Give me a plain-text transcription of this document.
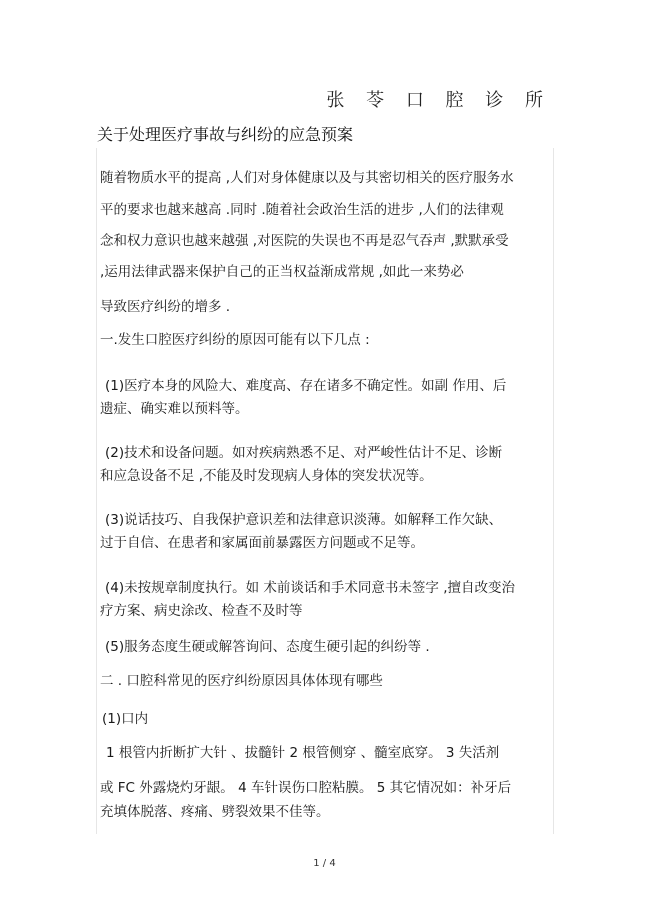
张 苓 口 腔 诊 所
关于处理医疗事故与纠纷的应急预案
随着物质水平的提高 ,人们对身体健康以及与其密切相关的医疗服务水
平的要求也越来越高 .同时 .随着社会政治生活的进步 ,人们的法律观
念和权力意识也越来越强 ,对医院的失误也不再是忍气吞声 ,默默承受
,运用法律武器来保护自己的正当权益渐成常规 ,如此一来势必
导致医疗纠纷的增多 .
一.发生口腔医疗纠纷的原因可能有以下几点 :
(1)医疗本身的风险大、难度高、存在诸多不确定性。如副 作用、后
遗症、确实难以预料等。
(2)技术和设备问题。如对疾病熟悉不足、对严峻性估计不足、诊断
和应急设备不足 ,不能及时发现病人身体的突发状况等。
(3)说话技巧、自我保护意识差和法律意识淡薄。如解释工作欠缺、
过于自信、在患者和家属面前暴露医方问题或不足等。
(4)未按规章制度执行。如 术前谈话和手术同意书未签字 ,擅自改变治
疗方案、病史涂改、检查不及时等
(5)服务态度生硬或解答询问、态度生硬引起的纠纷等 .
二 . 口腔科常见的医疗纠纷原因具体体现有哪些
(1)口内
1 根管内折断扩大针 、拔髓针 2 根管侧穿 、髓室底穿。 3 失活剂
或 FC 外露烧灼牙龈。 4 车针误伤口腔粘膜。 5 其它情况如：补牙后
充填体脱落、疼痛、劈裂效果不佳等。
1 / 4
